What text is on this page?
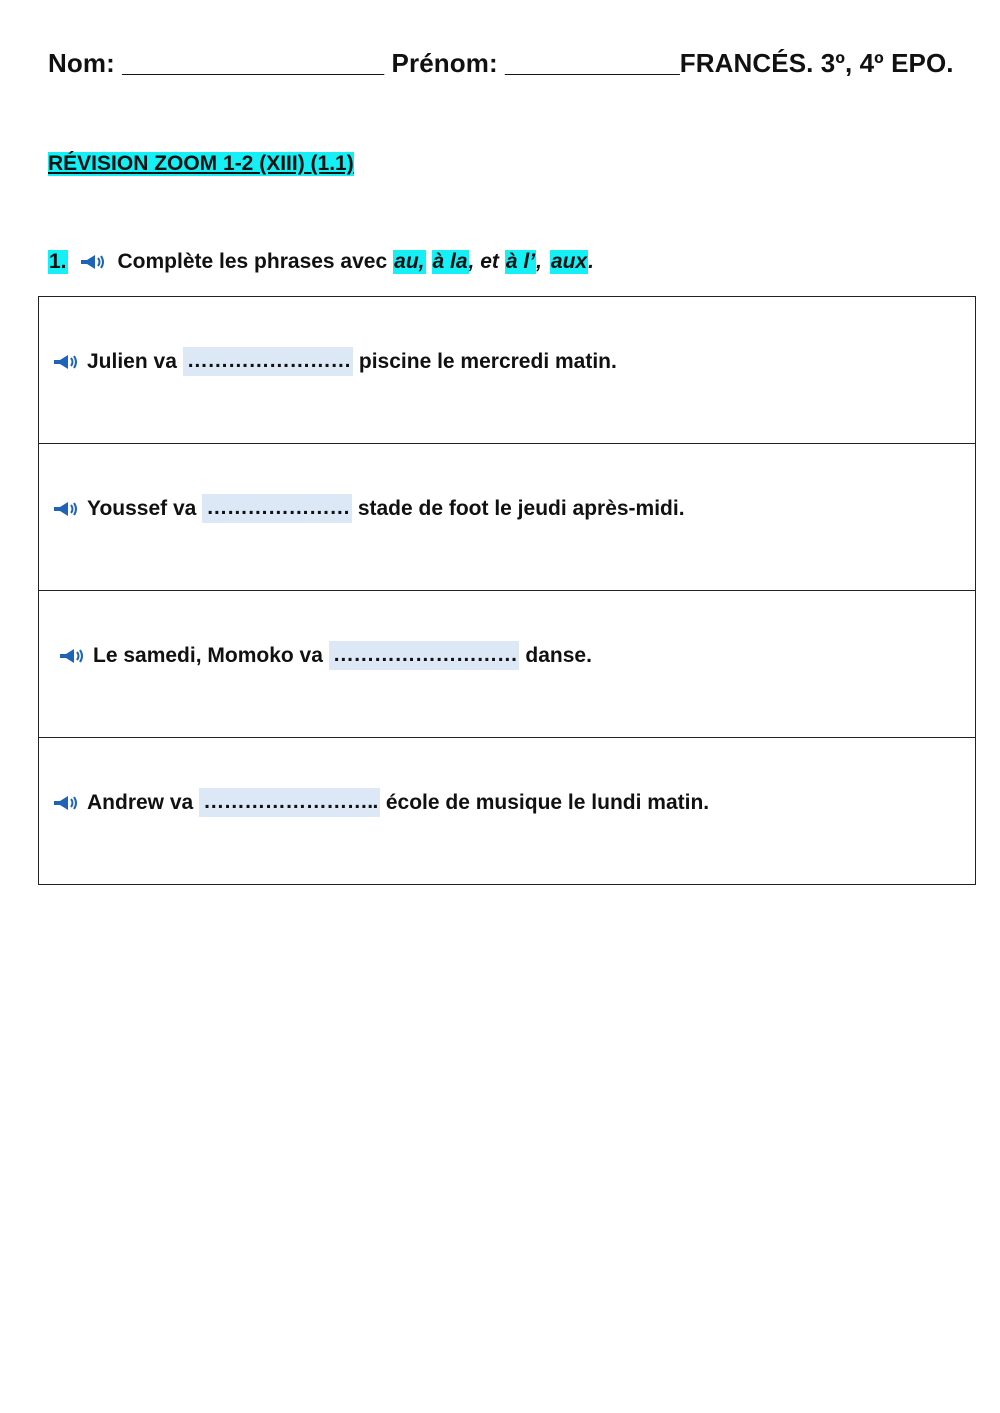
Nom: __________________ Prénom: ____________FRANCÉS. 3º, 4º EPO.
RÉVISION ZOOM 1-2 (XIII) (1.1)
1. Complète les phrases avec au, à la , et à l’ , aux .
Julien va …………………… piscine le mercredi matin.

Youssef va ………………… stade de foot le jeudi après-midi.

Le samedi, Momoko va ……………………… danse.

Andrew va …………………….. école de musique le lundi matin.
